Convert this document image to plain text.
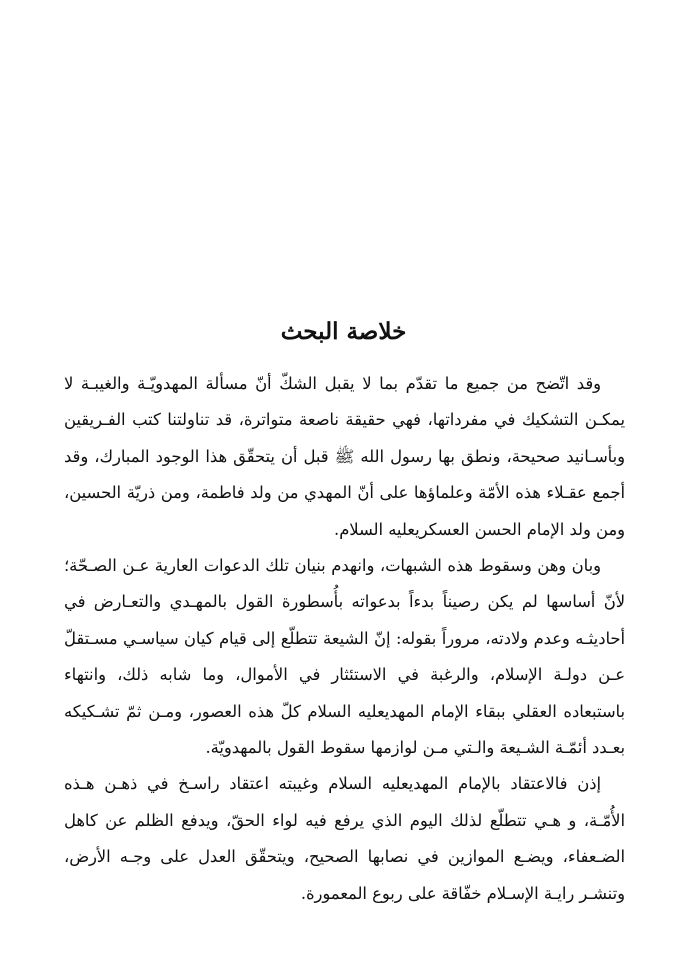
خلاصة البحث

وقد اتّضح من جميع ما تقدّم بما لا يقبل الشكّ أنّ مسألة المهدويّـة والغيبـة لا يمكـن التشكيك في مفرداتها، فهي حقيقة ناصعة متواترة، قد تناولتنا كتب الفـريقين وبأسـانيد صحيحة، ونطق بها رسول الله ﷺ قبل أن يتحقّق هذا الوجود المبارك، وقد أجمع عقـلاء هذه الأمّة وعلماؤها على أنّ المهدي من ولد فاطمة، ومن ذريّة الحسين، ومن ولد الإمام الحسن العسكريعليه السلام.

وبان وهن وسقوط هذه الشبهات، وانهدم بنيان تلك الدعوات العارية عـن الصـحّة؛ لأنّ أساسها لم يكن رصيناً بدءاً بدعواته بأُسطورة القول بالمهـدي والتعـارض في أحاديثـه وعدم ولادته، مروراً بقوله: إنّ الشيعة تتطلّع إلى قيام كيان سياسـي مسـتقلّ عـن دولـة الإسلام، والرغبة في الاستئثار في الأموال، وما شابه ذلك، وانتهاء باستبعاده العقلي ببقاء الإمام المهديعليه السلام كلّ هذه العصور، ومـن ثمّ تشـكيكه بعـدد أئمّـة الشـيعة والـتي مـن لوازمها سقوط القول بالمهدويّة.

إذن فالاعتقاد بالإمام المهديعليه السلام وغيبته اعتقاد راسـخ في ذهـن هـذه الأُمّـة، و هـي تتطلّع لذلك اليوم الذي يرفع فيه لواء الحقّ، ويدفع الظلم عن كاهل الضـعفاء، ويضـع الموازين في نصابها الصحيح، ويتحقّق العدل على وجـه الأرض، وتنشـر رايـة الإسـلام خفّاقة على ربوع المعمورة.
